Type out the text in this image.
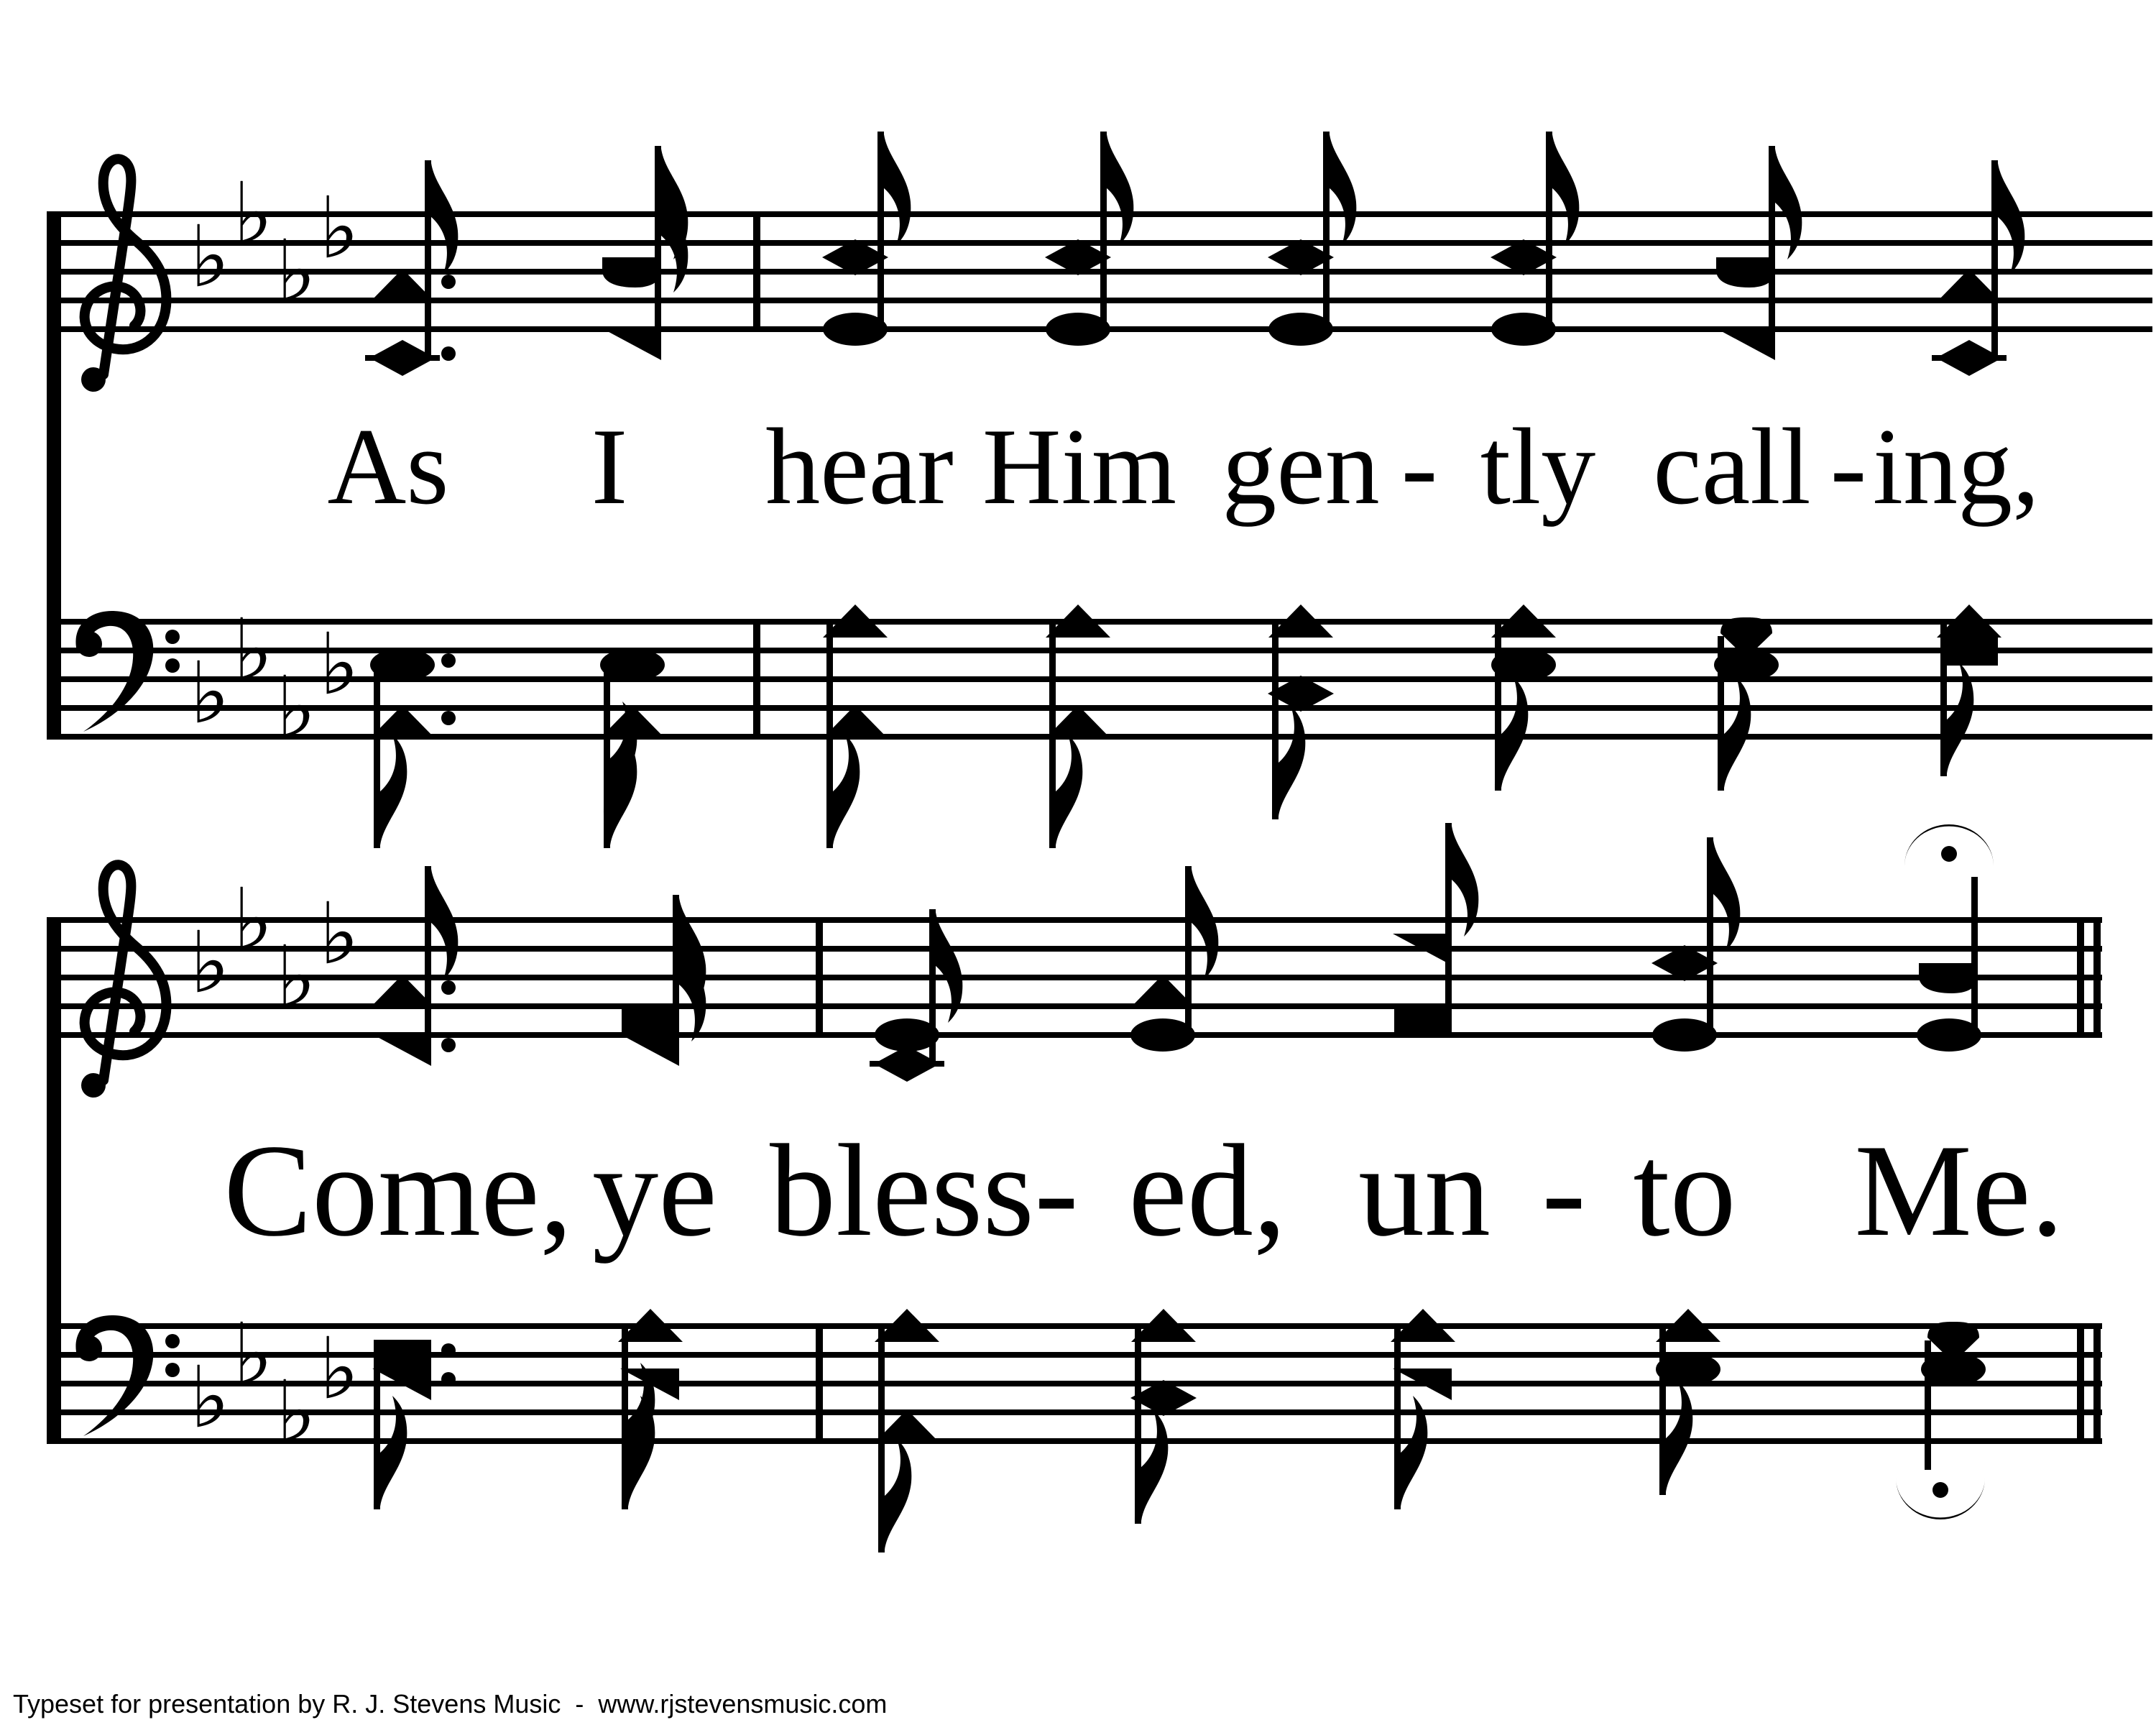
♭ ♭
♭ ♭
♭ ♭
♭ ♭
♭ ♭
♭ ♭
♭ ♭
♭ ♭
As I hear Him gen - tly call - ing,
Come, ye bless - ed, un - to Me.
Typeset for presentation by R. J. Stevens Music  -  www.rjstevensmusic.com
